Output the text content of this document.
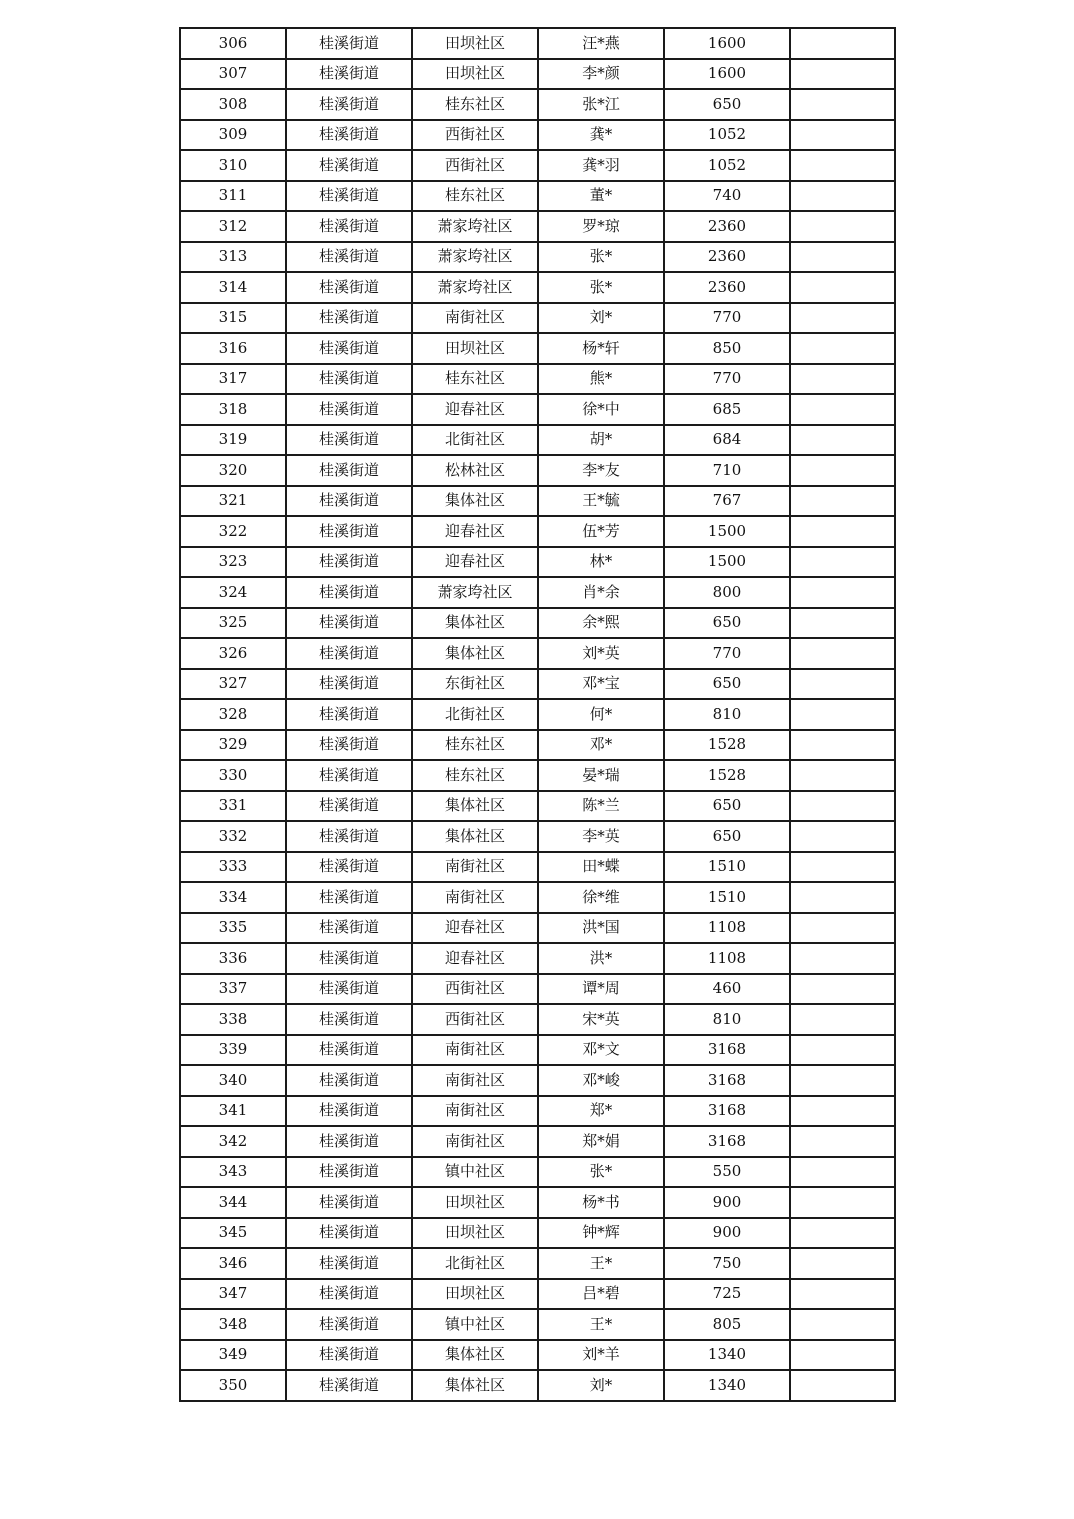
306	桂溪街道	田坝社区	汪*燕	1600	
307	桂溪街道	田坝社区	李*颜	1600	
308	桂溪街道	桂东社区	张*江	650	
309	桂溪街道	西街社区	龚*	1052	
310	桂溪街道	西街社区	龚*羽	1052	
311	桂溪街道	桂东社区	董*	740	
312	桂溪街道	萧家垮社区	罗*琼	2360	
313	桂溪街道	萧家垮社区	张*	2360	
314	桂溪街道	萧家垮社区	张*	2360	
315	桂溪街道	南街社区	刘*	770	
316	桂溪街道	田坝社区	杨*轩	850	
317	桂溪街道	桂东社区	熊*	770	
318	桂溪街道	迎春社区	徐*中	685	
319	桂溪街道	北街社区	胡*	684	
320	桂溪街道	松林社区	李*友	710	
321	桂溪街道	集体社区	王*毓	767	
322	桂溪街道	迎春社区	伍*芳	1500	
323	桂溪街道	迎春社区	林*	1500	
324	桂溪街道	萧家垮社区	肖*余	800	
325	桂溪街道	集体社区	余*熙	650	
326	桂溪街道	集体社区	刘*英	770	
327	桂溪街道	东街社区	邓*宝	650	
328	桂溪街道	北街社区	何*	810	
329	桂溪街道	桂东社区	邓*	1528	
330	桂溪街道	桂东社区	晏*瑞	1528	
331	桂溪街道	集体社区	陈*兰	650	
332	桂溪街道	集体社区	李*英	650	
333	桂溪街道	南街社区	田*蝶	1510	
334	桂溪街道	南街社区	徐*维	1510	
335	桂溪街道	迎春社区	洪*国	1108	
336	桂溪街道	迎春社区	洪*	1108	
337	桂溪街道	西街社区	谭*周	460	
338	桂溪街道	西街社区	宋*英	810	
339	桂溪街道	南街社区	邓*文	3168	
340	桂溪街道	南街社区	邓*峻	3168	
341	桂溪街道	南街社区	郑*	3168	
342	桂溪街道	南街社区	郑*娟	3168	
343	桂溪街道	镇中社区	张*	550	
344	桂溪街道	田坝社区	杨*书	900	
345	桂溪街道	田坝社区	钟*辉	900	
346	桂溪街道	北街社区	王*	750	
347	桂溪街道	田坝社区	吕*碧	725	
348	桂溪街道	镇中社区	王*	805	
349	桂溪街道	集体社区	刘*羊	1340	
350	桂溪街道	集体社区	刘*	1340	
